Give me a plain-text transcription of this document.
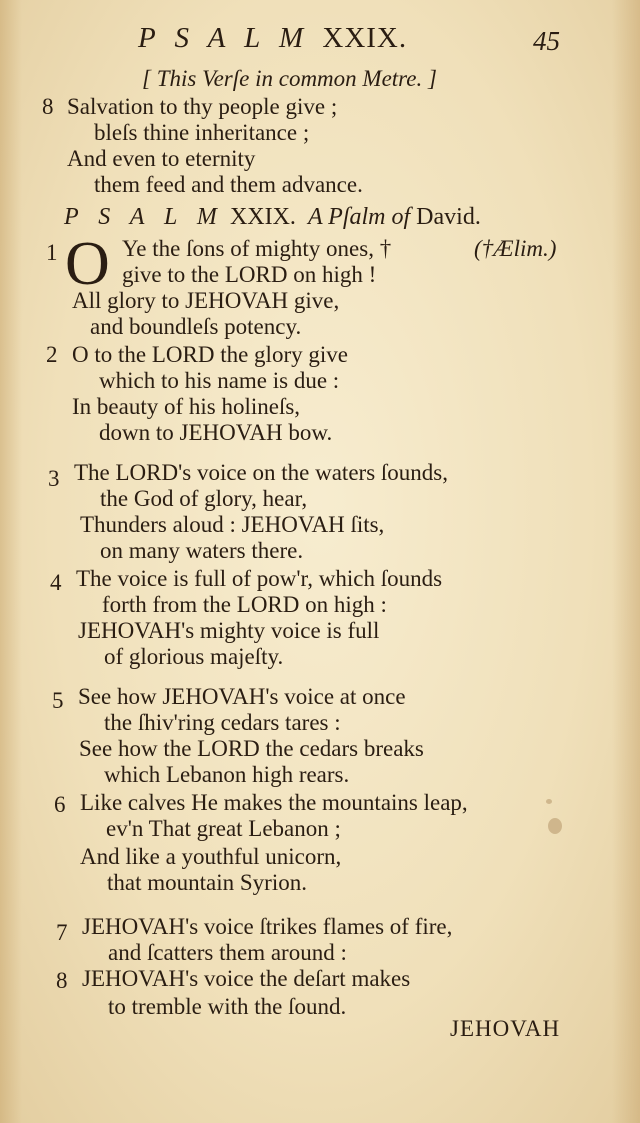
P S A L M XXIX.	45
[ This Verſe in common Metre. ]
8 Salvation to thy people give ;
bleſs thine inheritance ;
And even to eternity
them feed and them advance.
P S A L M XXIX. A Pſalm of David.
1 O Ye the ſons of mighty ones, †	(†Ælim.)
give to the LORD on high !
All glory to JEHOVAH give,
and boundleſs potency.
2 O to the LORD the glory give
which to his name is due :
In beauty of his holineſs,
down to JEHOVAH bow.
3 The LORD's voice on the waters ſounds,
the God of glory, hear,
Thunders aloud : JEHOVAH ſits,
on many waters there.
4 The voice is full of pow'r, which ſounds
forth from the LORD on high :
JEHOVAH's mighty voice is full
of glorious majeſty.
5 See how JEHOVAH's voice at once
the ſhiv'ring cedars tares :
See how the LORD the cedars breaks
which Lebanon high rears.
6 Like calves He makes the mountains leap,
ev'n That great Lebanon ;
And like a youthful unicorn,
that mountain Syrion.
7 JEHOVAH's voice ſtrikes flames of fire,
and ſcatters them around :
8 JEHOVAH's voice the deſart makes
to tremble with the ſound.
JEHOVAH
